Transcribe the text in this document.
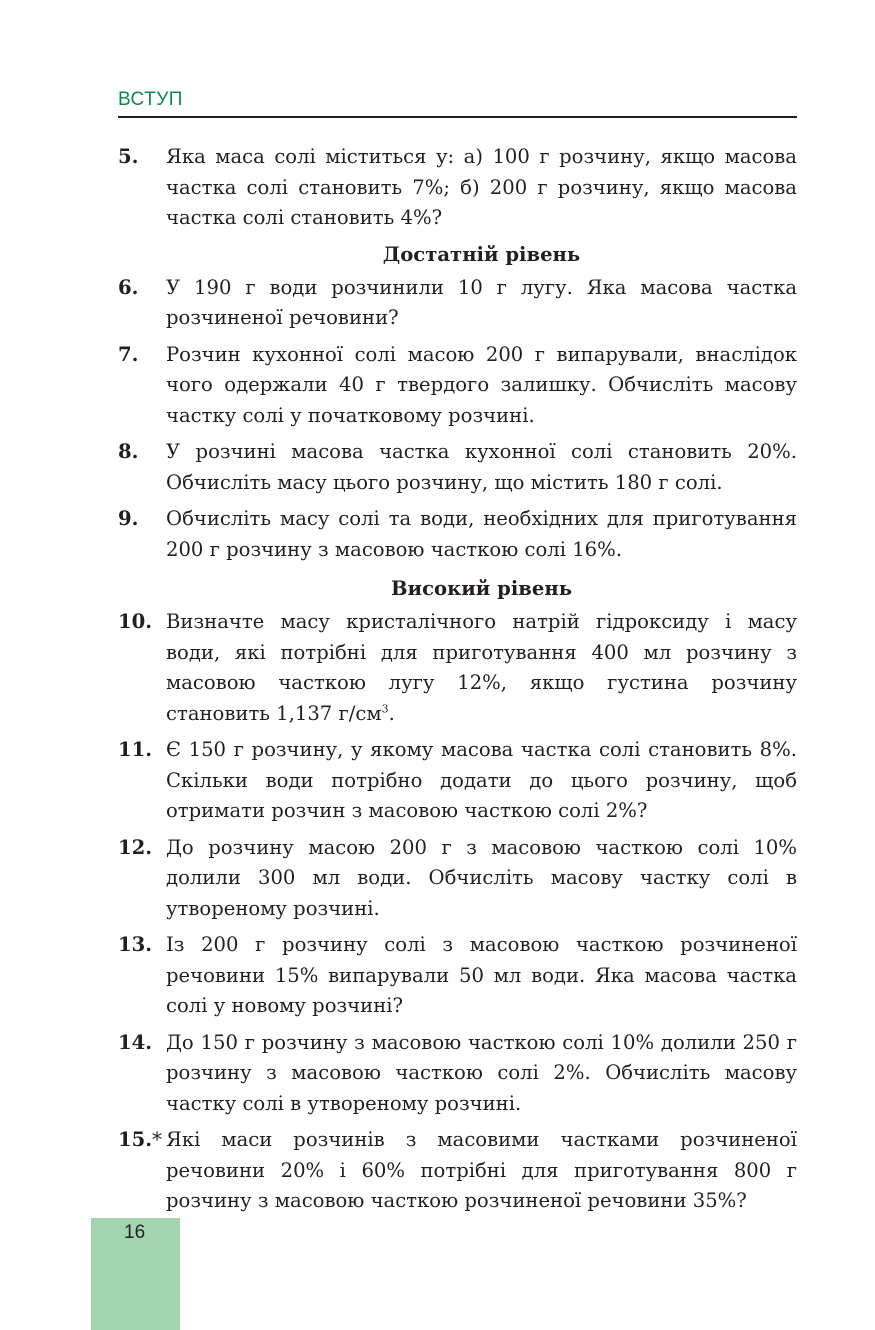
ВСТУП
5. Яка маса солі міститься у: а) 100 г розчину, якщо масова частка солі становить 7%; б) 200 г розчину, якщо масова частка солі становить 4%?
Достатній рівень
6. У 190 г води розчинили 10 г лугу. Яка масова частка розчиненої речовини?
7. Розчин кухонної солі масою 200 г випарували, внаслідок чого одержали 40 г твердого залишку. Обчисліть масову частку солі у початковому розчині.
8. У розчині масова частка кухонної солі становить 20%. Обчисліть масу цього розчину, що містить 180 г солі.
9. Обчисліть масу солі та води, необхідних для приготування 200 г розчину з масовою часткою солі 16%.
Високий рівень
10. Визначте масу кристалічного натрій гідроксиду і масу води, які потрібні для приготування 400 мл розчину з масовою часткою лугу 12%, якщо густина розчину становить 1,137 $г/см^3$.
11. Є 150 г розчину, у якому масова частка солі становить 8%. Скільки води потрібно додати до цього розчину, щоб отримати розчин з масовою часткою солі 2%?
12. До розчину масою 200 г з масовою часткою солі 10% долили 300 мл води. Обчисліть масову частку солі в утвореному розчині.
13. Із 200 г розчину солі з масовою часткою розчиненої речовини 15% випарували 50 мл води. Яка масова частка солі у новому розчині?
14. До 150 г розчину з масовою часткою солі 10% долили 250 г розчину з масовою часткою солі 2%. Обчисліть масову частку солі в утвореному розчині.
15.* Які маси розчинів з масовими частками розчиненої речовини 20% і 60% потрібні для приготування 800 г розчину з масовою часткою розчиненої речовини 35%?
16
